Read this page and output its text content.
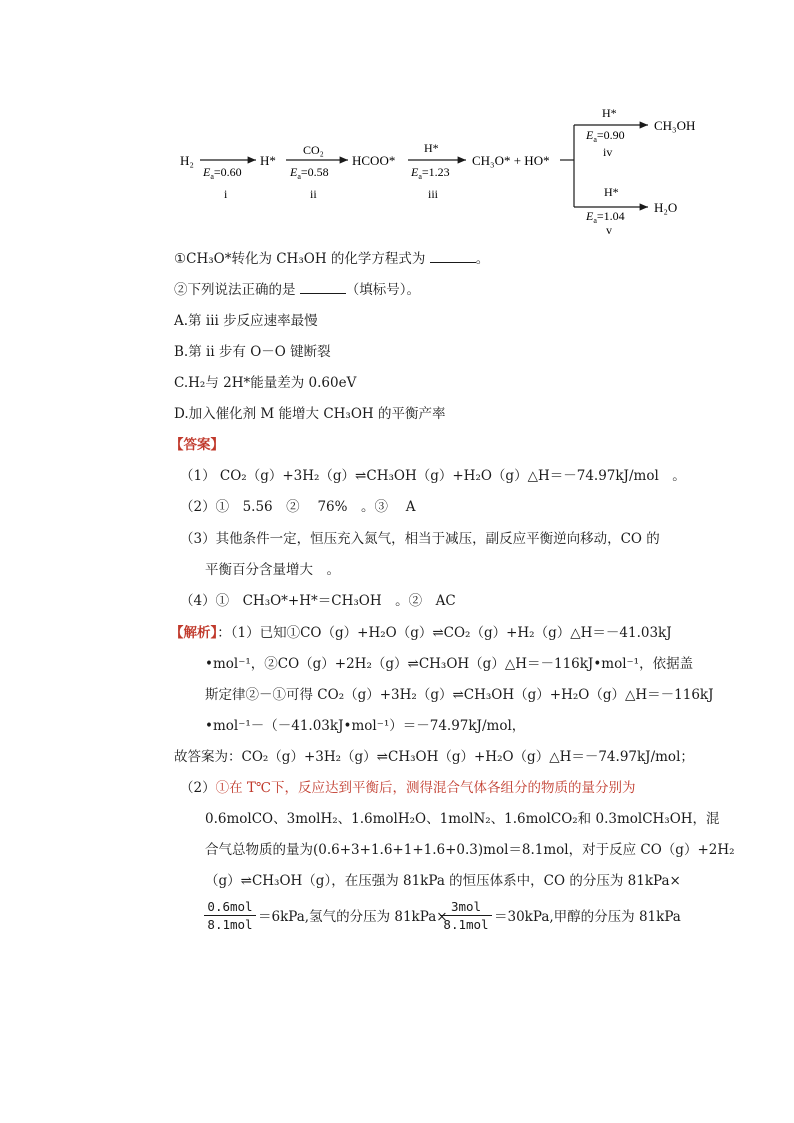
H₂
$E_a=0.60$
i
H*
CO₂
$E_a=0.58$
ii
HCOO*
H*
$E_a=1.23$
iii
CH₃O* + HO*
H*
$E_a=0.90$
iv
CH₃OH
H*
$E_a=1.04$
v
H₂O
①CH₃O*转化为 CH₃OH 的化学方程式为	。
②下列说法正确的是	（填标号）。
A.第 ⅲ 步反应速率最慢
B.第 ⅱ 步有 O－O 键断裂
C.H₂与 2H*能量差为 0.60eV
D.加入催化剂 M 能增大 CH₃OH 的平衡产率
【答案】
（1） CO₂（g）+3H₂（g）⇌CH₃OH（g）+H₂O（g）△H＝－74.97kJ/mol　。
（2）①　5.56　②　 76%　。③　 A
（3）其他条件一定，恒压充入氮气，相当于减压，副反应平衡逆向移动，CO 的
平衡百分含量增大　。
（4）①　CH₃O*+H*＝CH₃OH　。②　AC
【解析】：（1）已知①CO（g）+H₂O（g）⇌CO₂（g）+H₂（g）△H＝－41.03kJ
•mol⁻¹，②CO（g）+2H₂（g）⇌CH₃OH（g）△H＝－116kJ•mol⁻¹，依据盖
斯定律②－①可得 CO₂（g）+3H₂（g）⇌CH₃OH（g）+H₂O（g）△H＝－116kJ
•mol⁻¹－（－41.03kJ•mol⁻¹）＝－74.97kJ/mol，
故答案为：CO₂（g）+3H₂（g）⇌CH₃OH（g）+H₂O（g）△H＝－74.97kJ/mol；
（2）①在 T℃下，反应达到平衡后，测得混合气体各组分的物质的量分别为
0.6molCO、3molH₂、1.6molH₂O、1molN₂、1.6molCO₂和 0.3molCH₃OH，混
合气总物质的量为(0.6+3+1.6+1+1.6+0.3)mol＝8.1mol，对于反应 CO（g）+2H₂
（g）⇌CH₃OH（g），在压强为 81kPa 的恒压体系中，CO 的分压为 81kPa×
0.6mol
8.1mol ＝6kPa,氢气的分压为 81kPa×
3mol
8.1mol ＝30kPa,甲醇的分压为 81kPa
